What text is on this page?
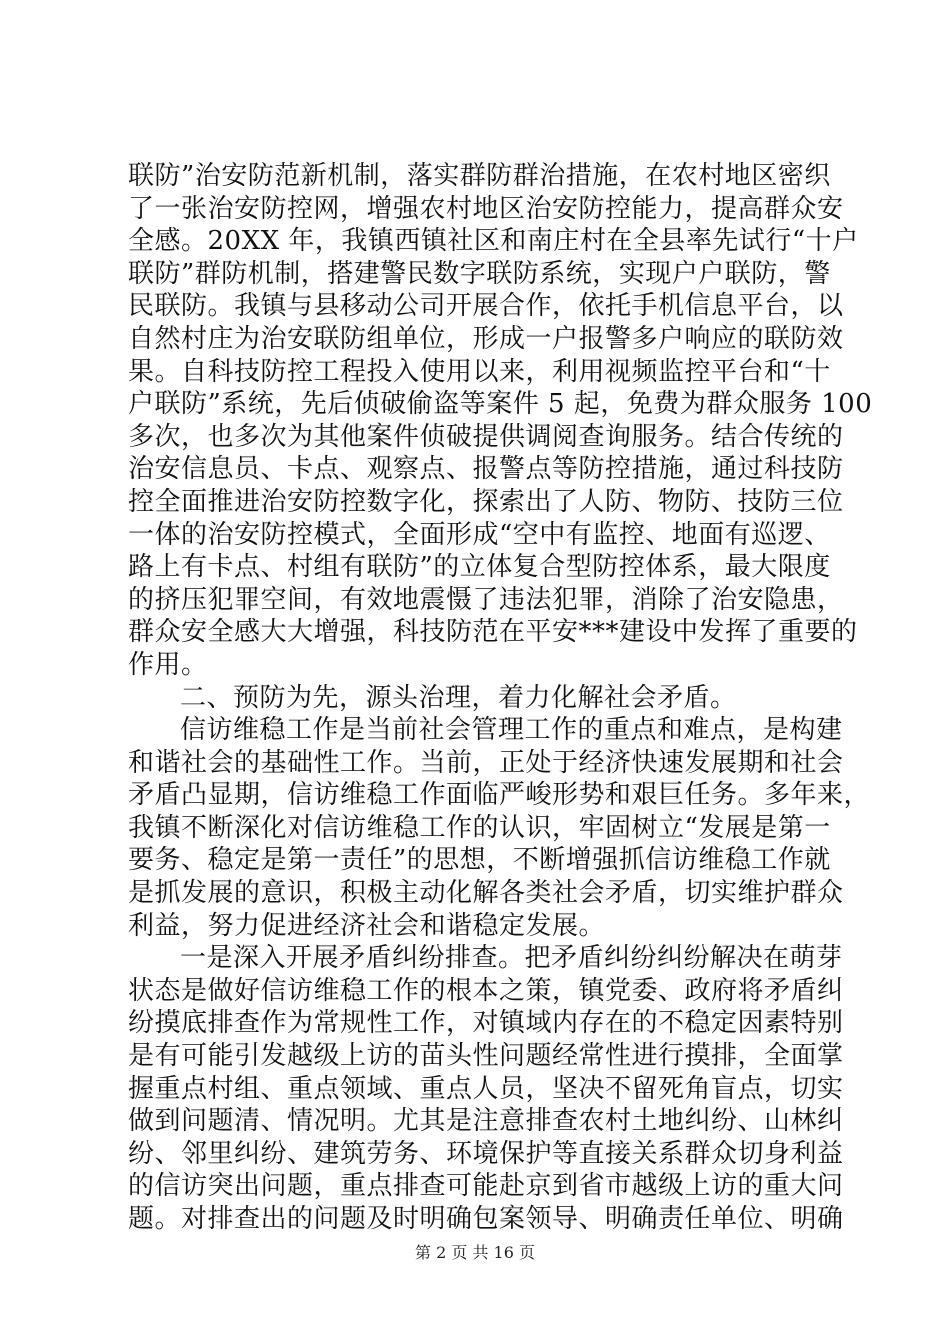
联防”治安防范新机制，落实群防群治措施，在农村地区密织
了一张治安防控网，增强农村地区治安防控能力，提高群众安
全感。20XX 年，我镇西镇社区和南庄村在全县率先试行“十户
联防”群防机制，搭建警民数字联防系统，实现户户联防，警
民联防。我镇与县移动公司开展合作，依托手机信息平台，以
自然村庄为治安联防组单位，形成一户报警多户响应的联防效
果。自科技防控工程投入使用以来，利用视频监控平台和“十
户联防”系统，先后侦破偷盗等案件 5 起，免费为群众服务 100
多次，也多次为其他案件侦破提供调阅查询服务。结合传统的
治安信息员、卡点、观察点、报警点等防控措施，通过科技防
控全面推进治安防控数字化，探索出了人防、物防、技防三位
一体的治安防控模式，全面形成“空中有监控、地面有巡逻、
路上有卡点、村组有联防”的立体复合型防控体系，最大限度
的挤压犯罪空间，有效地震慑了违法犯罪，消除了治安隐患，
群众安全感大大增强，科技防范在平安***建设中发挥了重要的
作用。
二、预防为先，源头治理，着力化解社会矛盾。
信访维稳工作是当前社会管理工作的重点和难点，是构建
和谐社会的基础性工作。当前，正处于经济快速发展期和社会
矛盾凸显期，信访维稳工作面临严峻形势和艰巨任务。多年来，
我镇不断深化对信访维稳工作的认识，牢固树立“发展是第一
要务、稳定是第一责任”的思想，不断增强抓信访维稳工作就
是抓发展的意识，积极主动化解各类社会矛盾，切实维护群众
利益，努力促进经济社会和谐稳定发展。
一是深入开展矛盾纠纷排查。把矛盾纠纷纠纷解决在萌芽
状态是做好信访维稳工作的根本之策，镇党委、政府将矛盾纠
纷摸底排查作为常规性工作，对镇域内存在的不稳定因素特别
是有可能引发越级上访的苗头性问题经常性进行摸排，全面掌
握重点村组、重点领域、重点人员，坚决不留死角盲点，切实
做到问题清、情况明。尤其是注意排查农村土地纠纷、山林纠
纷、邻里纠纷、建筑劳务、环境保护等直接关系群众切身利益
的信访突出问题，重点排查可能赴京到省市越级上访的重大问
题。对排查出的问题及时明确包案领导、明确责任单位、明确
第 2 页 共 16 页
